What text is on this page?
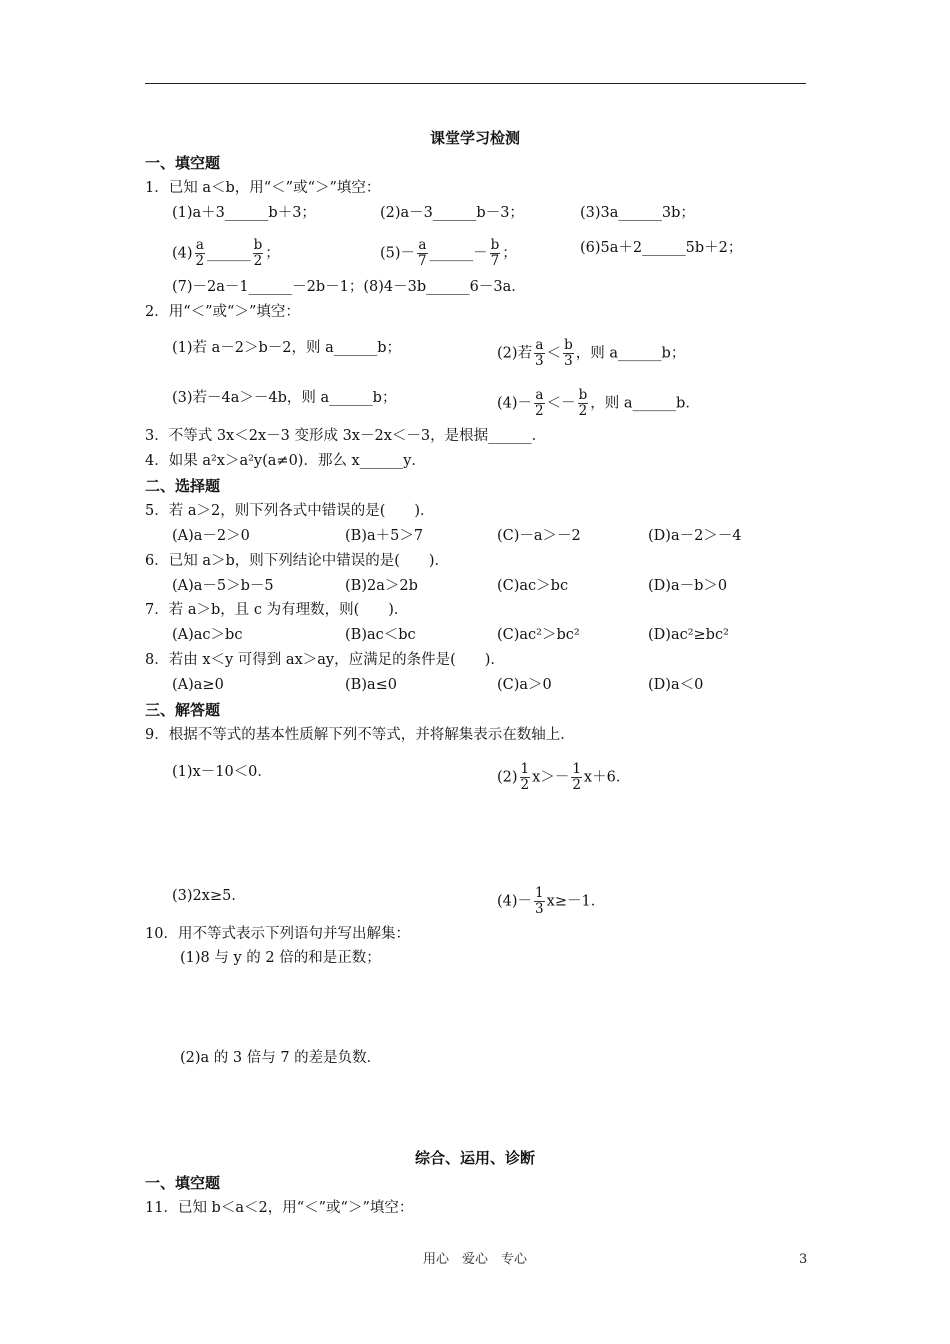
课堂学习检测
一、填空题
1．已知 a＜b，用“＜”或“＞”填空：
(1)a＋3______b＋3；	(2)a－3______b－3；	(3)3a______3b；
$(4) \frac{a}{2}$ ______ $\frac{b}{2}$ ；	$(5)- \frac{a}{7}$ ______－ $\frac{b}{7}$ ；	(6)5a＋2______5b＋2；
(7)－2a－1______－2b－1；(8)4－3b______6－3a．
2．用“＜”或“＞”填空：
(1)若 a－2＞b－2，则 a______b；	(2)若 $\frac{a}{3} < \frac{b}{3}$ ，则 a______b；
(3)若－4a＞－4b，则 a______b；	$(4)- \frac{a}{2} <- \frac{b}{2}$ ，则 a______b．
3．不等式 3x＜2x－3 变形成 3x－2x＜－3，是根据______．
4．如果 a²x＞a²y(a≠0)．那么 x______y．
二、选择题
5．若 a＞2，则下列各式中错误的是(　　)．
(A)a－2＞0	(B)a＋5＞7	(C)－a＞－2	(D)a－2＞－4
6．已知 a＞b，则下列结论中错误的是(　　)．
(A)a－5＞b－5	(B)2a＞2b	(C)ac＞bc	(D)a－b＞0
7．若 a＞b，且 c 为有理数，则(　　)．
(A)ac＞bc	(B)ac＜bc	(C)ac²＞bc²	(D)ac²≥bc²
8．若由 x＜y 可得到 ax＞ay，应满足的条件是(　　)．
(A)a≥0	(B)a≤0	(C)a＞0	(D)a＜0
三、解答题
9．根据不等式的基本性质解下列不等式，并将解集表示在数轴上．
(1)x－10＜0．	$(2) \frac{1}{2} x>- \frac{1}{2} x+6$．
(3)2x≥5．	$(4)- \frac{1}{3} x\ge-1$．
10．用不等式表示下列语句并写出解集：
(1)8 与 y 的 2 倍的和是正数；
(2)a 的 3 倍与 7 的差是负数．
综合、运用、诊断
一、填空题
11．已知 b＜a＜2，用“＜”或“＞”填空：
用心　爱心　专心	3
